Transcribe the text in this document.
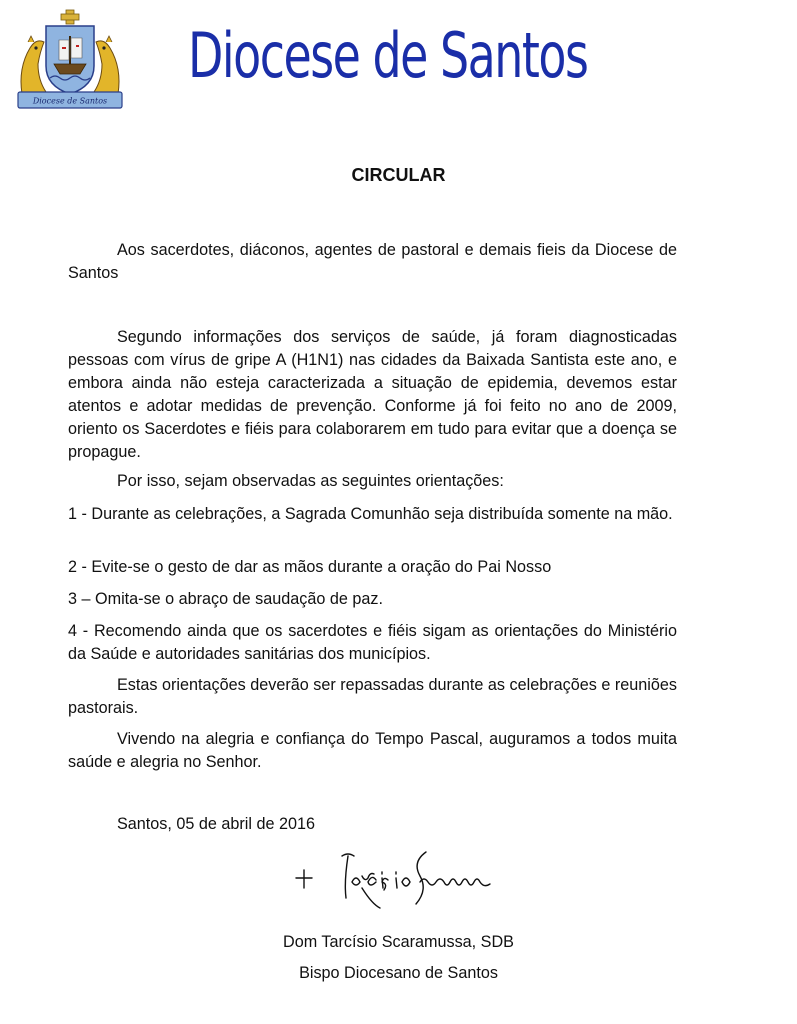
Diocese de Santos
Diocese de Santos
CIRCULAR

Aos sacerdotes, diáconos, agentes de pastoral e demais fieis da Diocese de Santos

Segundo informações dos serviços de saúde, já foram diagnosticadas pessoas com vírus de gripe A (H1N1) nas cidades da Baixada Santista este ano, e embora ainda não esteja caracterizada a situação de epidemia, devemos estar atentos e adotar medidas de prevenção. Conforme já foi feito no ano de 2009, oriento os Sacerdotes e fiéis para colaborarem em tudo para evitar que a doença se propague.

Por isso, sejam observadas as seguintes orientações:

1 - Durante as celebrações, a Sagrada Comunhão seja distribuída somente na mão.

2 - Evite-se o gesto de dar as mãos durante a oração do Pai Nosso

3 – Omita-se o abraço de saudação de paz.

4 - Recomendo ainda que os sacerdotes e fiéis sigam as orientações do Ministério da Saúde e autoridades sanitárias dos municípios.

Estas orientações deverão ser repassadas durante as celebrações e reuniões pastorais.

Vivendo na alegria e confiança do Tempo Pascal, auguramos a todos muita saúde e alegria no Senhor.

Santos, 05 de abril de 2016

Dom Tarcísio Scaramussa, SDB
Bispo Diocesano de Santos
